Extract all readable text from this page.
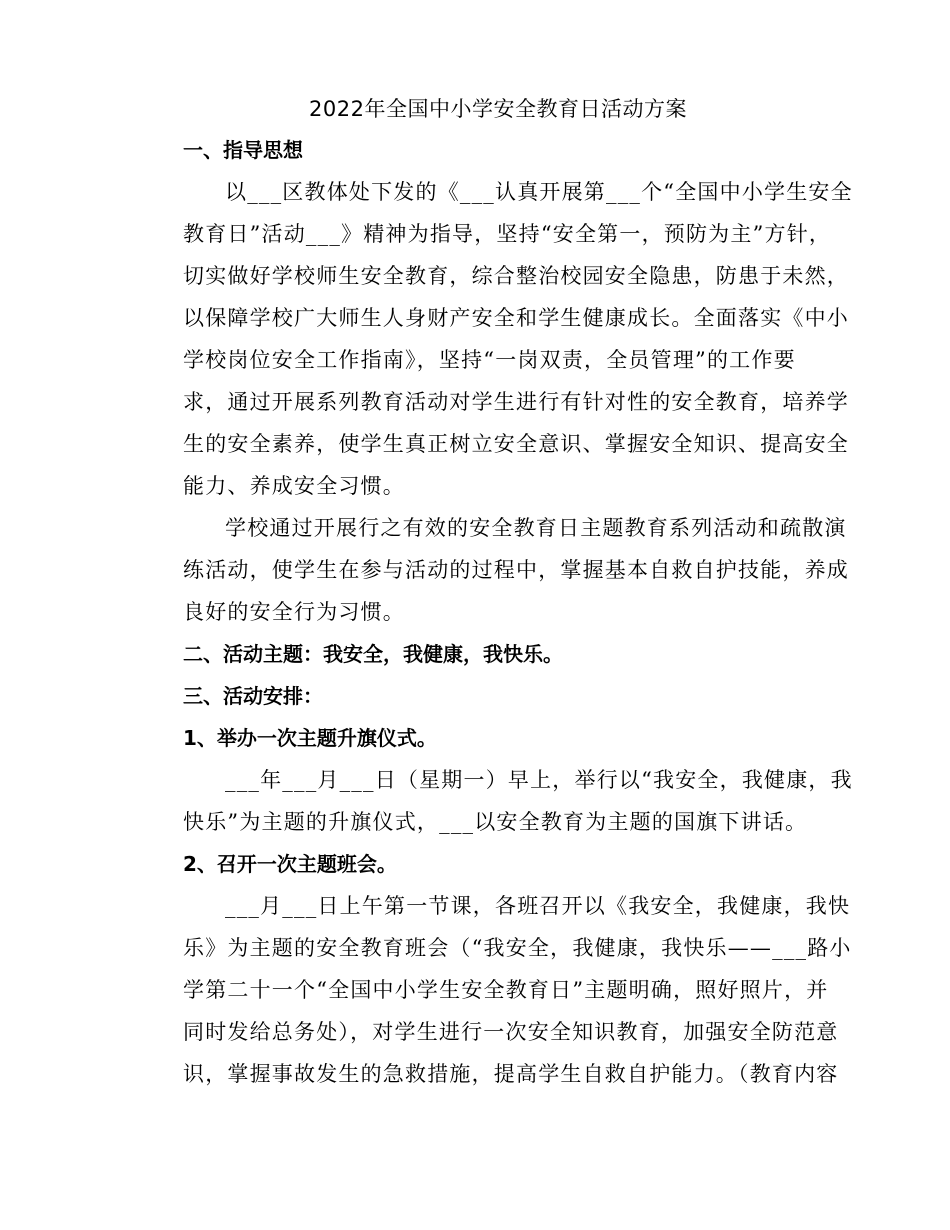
2022年全国中小学安全教育日活动方案
一、指导思想
以___区教体处下发的《___认真开展第___个“全国中小学生安全
教育日”活动___》精神为指导，坚持“安全第一，预防为主”方针，
切实做好学校师生安全教育，综合整治校园安全隐患，防患于未然，
以保障学校广大师生人身财产安全和学生健康成长。全面落实《中小
学校岗位安全工作指南》，坚持“一岗双责，全员管理”的工作要
求，通过开展系列教育活动对学生进行有针对性的安全教育，培养学
生的安全素养，使学生真正树立安全意识、掌握安全知识、提高安全
能力、养成安全习惯。
学校通过开展行之有效的安全教育日主题教育系列活动和疏散演
练活动，使学生在参与活动的过程中，掌握基本自救自护技能，养成
良好的安全行为习惯。
二、活动主题：我安全，我健康，我快乐。
三、活动安排：
1、举办一次主题升旗仪式。
___年___月___日（星期一）早上，举行以“我安全，我健康，我
快乐”为主题的升旗仪式，___以安全教育为主题的国旗下讲话。
2、召开一次主题班会。
___月___日上午第一节课，各班召开以《我安全，我健康，我快
乐》为主题的安全教育班会（“我安全，我健康，我快乐——___路小
学第二十一个“全国中小学生安全教育日”主题明确，照好照片，并
同时发给总务处），对学生进行一次安全知识教育，加强安全防范意
识，掌握事故发生的急救措施，提高学生自救自护能力。（教育内容
